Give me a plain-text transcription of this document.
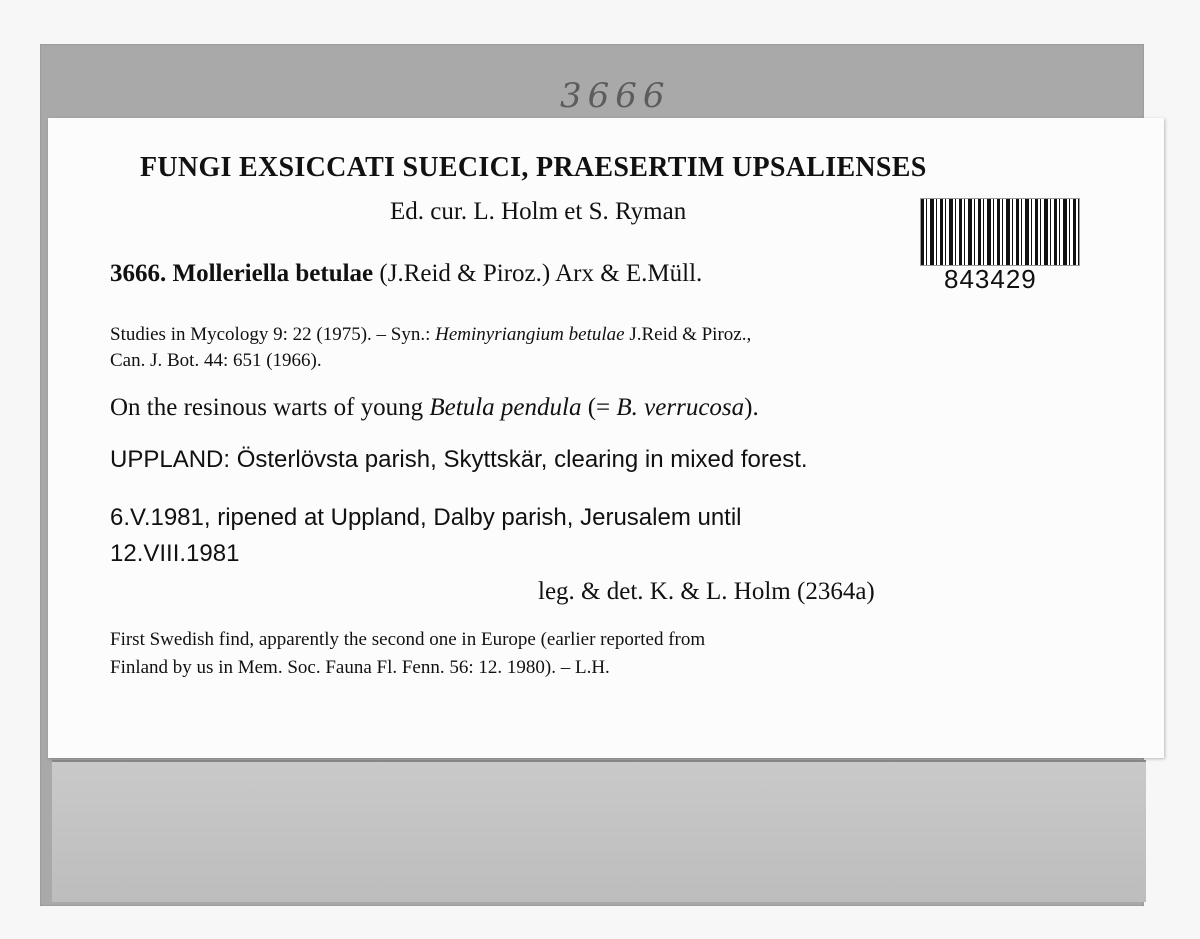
3666
FUNGI EXSICCATI SUECICI, PRAESERTIM UPSALIENSES
Ed. cur. L. Holm et S. Ryman
843429
3666. Molleriella betulae (J.Reid & Piroz.) Arx & E.Müll.
Studies in Mycology 9: 22 (1975). – Syn.: Heminyriangium betulae J.Reid & Piroz.,
Can. J. Bot. 44: 651 (1966).
On the resinous warts of young Betula pendula (= B. verrucosa).
UPPLAND: Österlövsta parish, Skyttskär, clearing in mixed forest.
6.V.1981, ripened at Uppland, Dalby parish, Jerusalem until
12.VIII.1981
leg. & det. K. & L. Holm (2364a)
First Swedish find, apparently the second one in Europe (earlier reported from
Finland by us in Mem. Soc. Fauna Fl. Fenn. 56: 12. 1980). – L.H.
